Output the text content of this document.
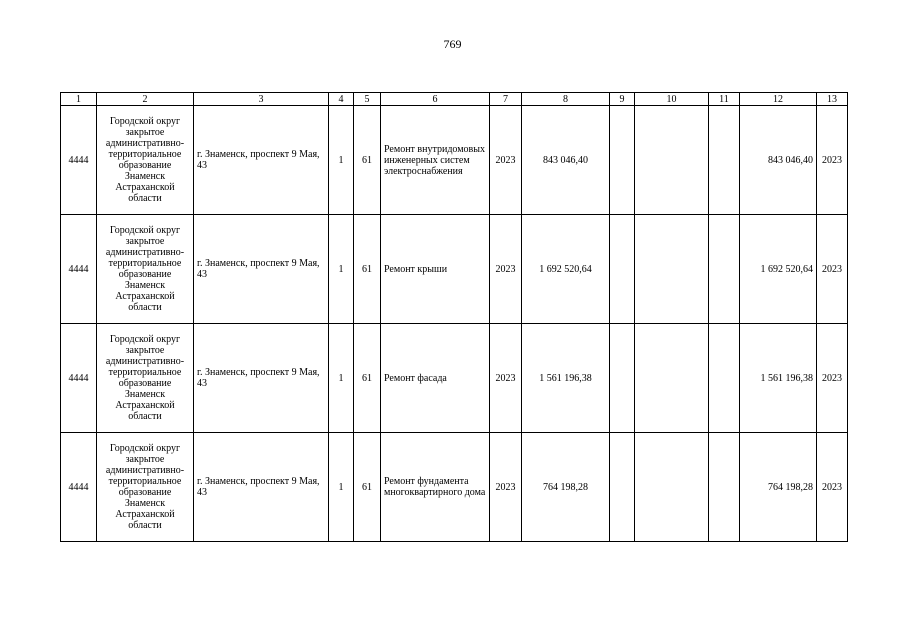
769
1	2	3	4	5	6	7	8	9	10	11	12	13
4444	Городской округ закрытое административно-территориальное образование Знаменск Астраханской области	г. Знаменск, проспект 9 Мая, 43	1	61	Ремонт внутридомовых инженерных систем электроснабжения	2023	843 046,40				843 046,40	2023
4444	Городской округ закрытое административно-территориальное образование Знаменск Астраханской области	г. Знаменск, проспект 9 Мая, 43	1	61	Ремонт крыши	2023	1 692 520,64				1 692 520,64	2023
4444	Городской округ закрытое административно-территориальное образование Знаменск Астраханской области	г. Знаменск, проспект 9 Мая, 43	1	61	Ремонт фасада	2023	1 561 196,38				1 561 196,38	2023
4444	Городской округ закрытое административно-территориальное образование Знаменск Астраханской области	г. Знаменск, проспект 9 Мая, 43	1	61	Ремонт фундамента многоквартирного дома	2023	764 198,28				764 198,28	2023
